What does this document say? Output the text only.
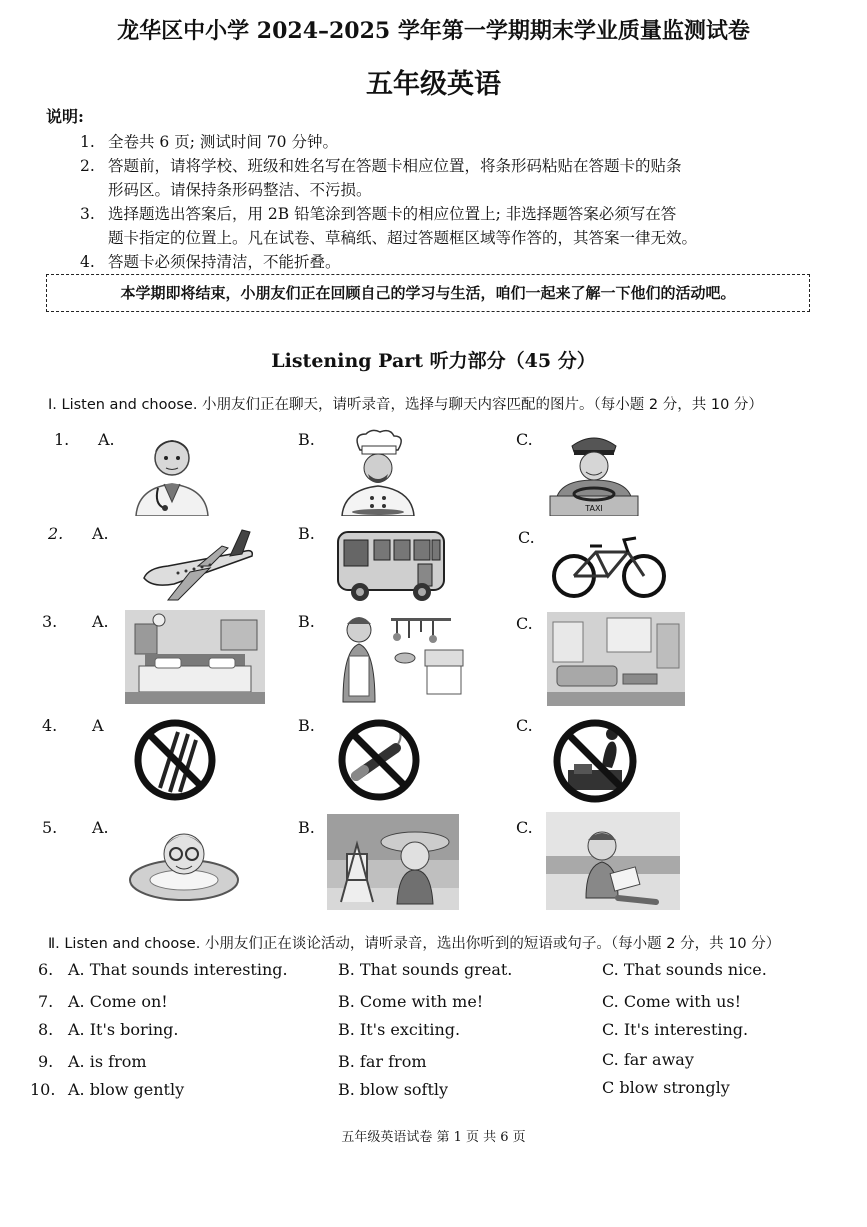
龙华区中小学 2024–2025 学年第一学期期末学业质量监测试卷
五年级英语
说明:
1. 全卷共 6 页; 测试时间 70 分钟。
2. 答题前，请将学校、班级和姓名写在答题卡相应位置，将条形码粘贴在答题卡的贴条
形码区。请保持条形码整洁、不污损。
3. 选择题选出答案后，用 2B 铅笔涂到答题卡的相应位置上; 非选择题答案必须写在答
题卡指定的位置上。凡在试卷、草稿纸、超过答题框区域等作答的，其答案一律无效。
4. 答题卡必须保持清洁，不能折叠。
本学期即将结束，小朋友们正在回顾自己的学习与生活，咱们一起来了解一下他们的活动吧。
Listening Part 听力部分（45 分）
Ⅰ. Listen and choose. 小朋友们正在聊天，请听录音，选择与聊天内容匹配的图片。（每小题 2 分，共 10 分）
1. A.	B.	C.
TAXI
2. A.	B.	C.
3. A.	B.	C.
4. A	B.	C.
5. A.	B.	C.
Ⅱ. Listen and choose. 小朋友们正在谈论活动，请听录音，选出你听到的短语或句子。（每小题 2 分，共 10 分）
6. A. That sounds interesting.	B. That sounds great.	C. That sounds nice.
7. A. Come on!	B. Come with me!	C. Come with us!
8. A. It's boring.	B. It's exciting.	C. It's interesting.
9. A. is from	B. far from	C. far away
10. A. blow gently	B. blow softly	C blow strongly
五年级英语试卷 第 1 页 共 6 页
